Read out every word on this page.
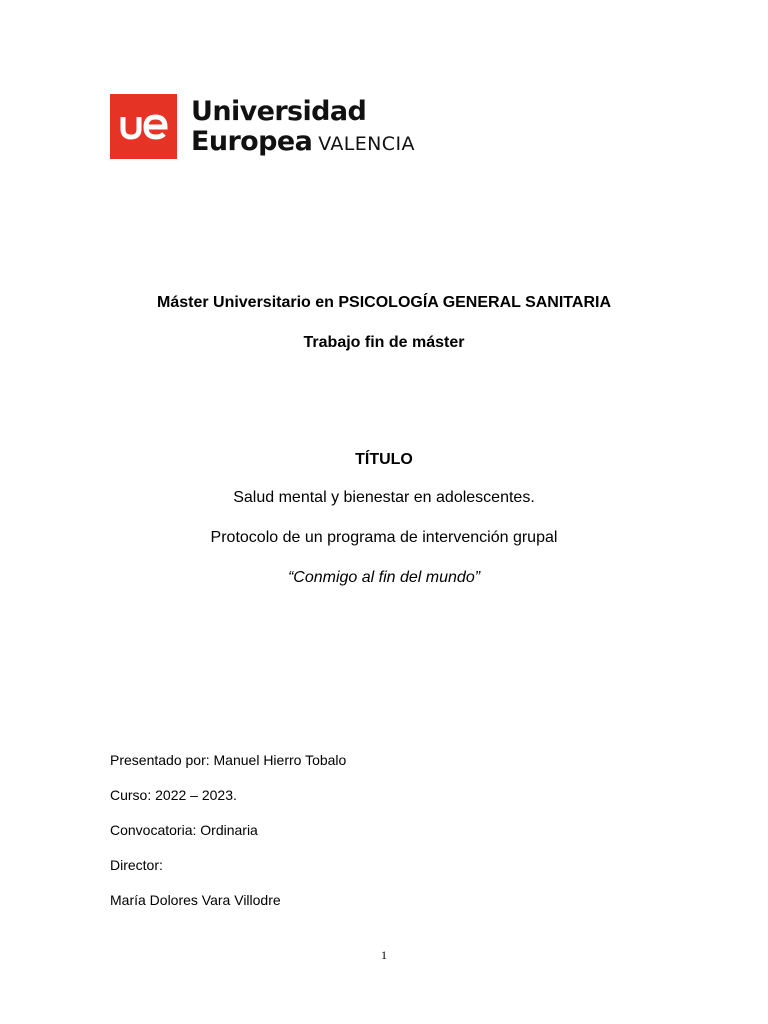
Universidad
Europea VALENCIA
Máster Universitario en PSICOLOGÍA GENERAL SANITARIA
Trabajo fin de máster
TÍTULO
Salud mental y bienestar en adolescentes.
Protocolo de un programa de intervención grupal
“Conmigo al fin del mundo”
Presentado por: Manuel Hierro Tobalo
Curso: 2022 – 2023.
Convocatoria: Ordinaria
Director:
María Dolores Vara Villodre
1
